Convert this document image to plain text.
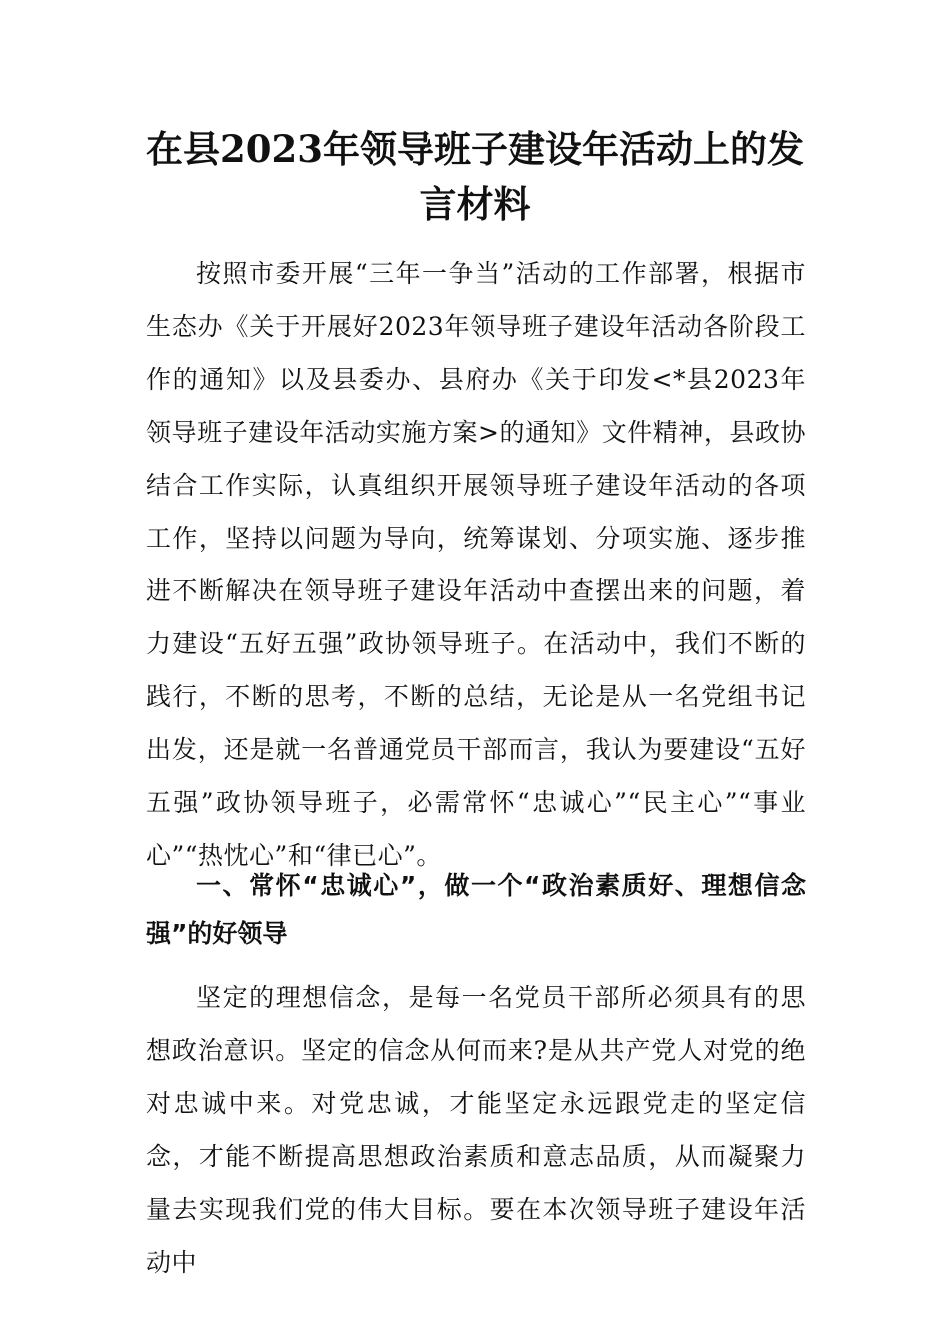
在县2023年领导班子建设年活动上的发言材料

按照市委开展“三年一争当”活动的工作部署，根据市生态办《关于开展好2023年领导班子建设年活动各阶段工作的通知》以及县委办、县府办《关于印发<*县2023年领导班子建设年活动实施方案>的通知》文件精神，县政协结合工作实际，认真组织开展领导班子建设年活动的各项工作，坚持以问题为导向，统筹谋划、分项实施、逐步推进不断解决在领导班子建设年活动中查摆出来的问题，着力建设“五好五强”政协领导班子。在活动中，我们不断的践行，不断的思考，不断的总结，无论是从一名党组书记出发，还是就一名普通党员干部而言，我认为要建设“五好五强”政协领导班子，必需常怀“忠诚心”“民主心”“事业心”“热忱心”和“律已心”。

一、常怀“忠诚心”，做一个“政治素质好、理想信念强”的好领导

坚定的理想信念，是每一名党员干部所必须具有的思想政治意识。坚定的信念从何而来?是从共产党人对党的绝对忠诚中来。对党忠诚，才能坚定永远跟党走的坚定信念，才能不断提高思想政治素质和意志品质，从而凝聚力量去实现我们党的伟大目标。要在本次领导班子建设年活动中
